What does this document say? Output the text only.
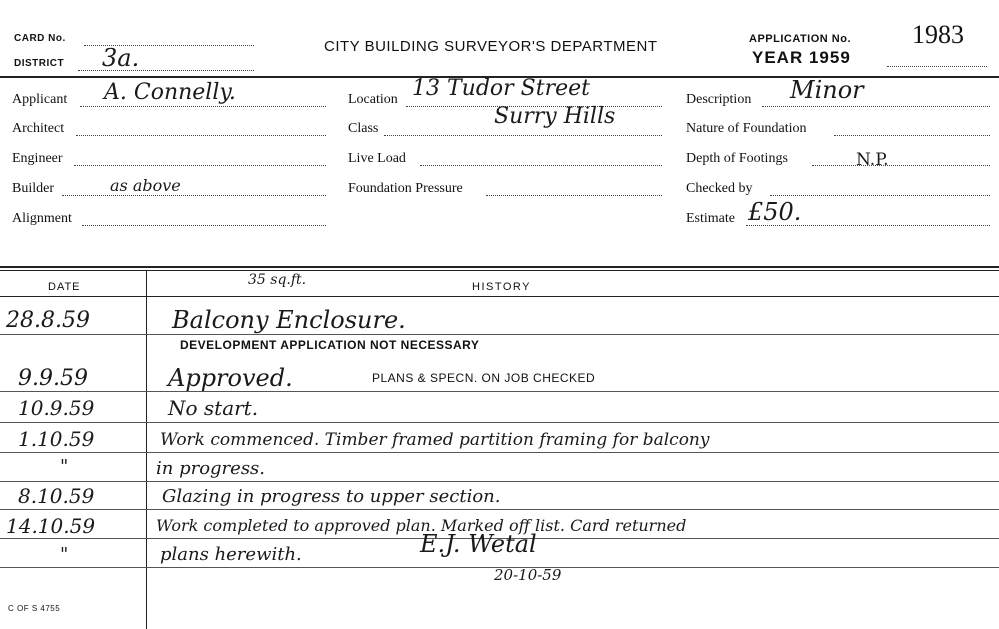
CARD No.
DISTRICT 3a.	CITY BUILDING SURVEYOR'S DEPARTMENT	APPLICATION No. 1983
YEAR 1959
Applicant A. Connelly.
Architect
Engineer
Builder	as above
Alignment
Location 13 Tudor Street
Class	Surry Hills
Live Load
Foundation Pressure
Description Minor
Nature of Foundation
Depth of Footings	N.P.
Checked by
Estimate £50.
DATE	HISTORY
35 sq.ft.
28.8.59	Balcony Enclosure.
DEVELOPMENT APPLICATION NOT NECESSARY
9.9.59	Approved.	PLANS & SPECN. ON JOB CHECKED
10.9.59	No start.
1.10.59	Work commenced. Timber framed partition framing for balcony
"	in progress.
8.10.59	Glazing in progress to upper section.
14.10.59	Work completed to approved plan. Marked off list. Card returned
"	plans herewith.	E.J. Wetal
20-10-59
C OF S 4755
